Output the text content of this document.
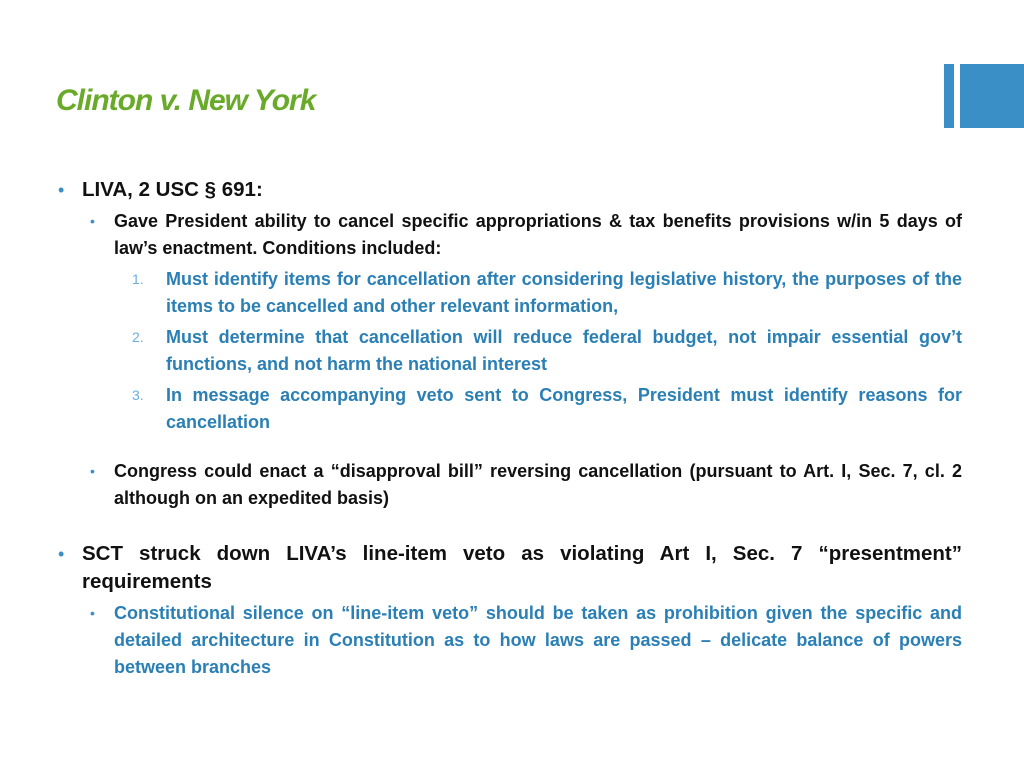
Clinton v. New York
• LIVA, 2 USC § 691:
• Gave President ability to cancel specific appropriations & tax benefits provisions w/in 5 days of law’s enactment. Conditions included:
1. Must identify items for cancellation after considering legislative history, the purposes of the items to be cancelled and other relevant information,
2. Must determine that cancellation will reduce federal budget, not impair essential gov’t functions, and not harm the national interest
3. In message accompanying veto sent to Congress, President must identify reasons for cancellation
• Congress could enact a “disapproval bill” reversing cancellation (pursuant to Art. I, Sec. 7, cl. 2 although on an expedited basis)
• SCT struck down LIVA’s line-item veto as violating Art I, Sec. 7 “presentment” requirements
• Constitutional silence on “line-item veto” should be taken as prohibition given the specific and detailed architecture in Constitution as to how laws are passed – delicate balance of powers between branches
